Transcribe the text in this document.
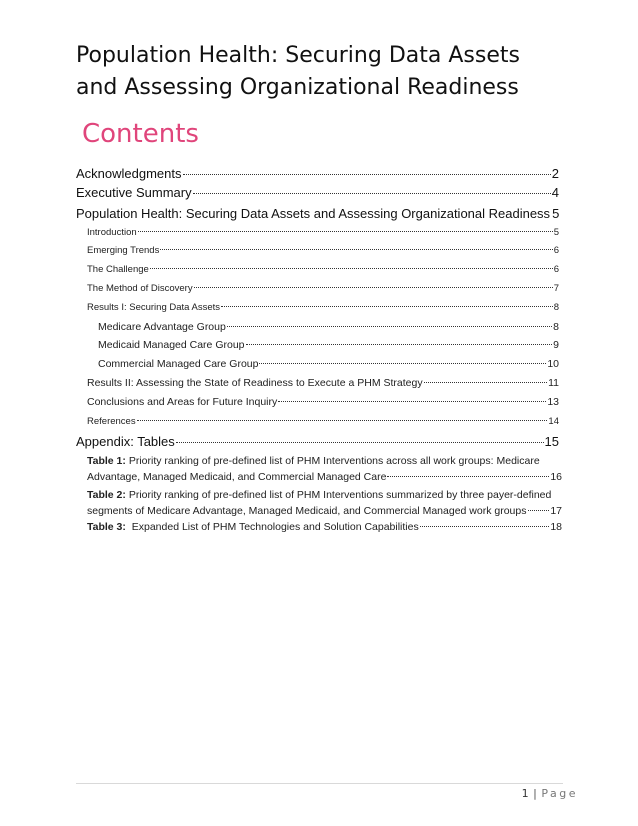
Population Health: Securing Data Assets
and Assessing Organizational Readiness
Contents
Acknowledgments	2
Executive Summary	4
Population Health: Securing Data Assets and Assessing Organizational Readiness 5
Introduction	5
Emerging Trends	6
The Challenge	6
The Method of Discovery	7
Results I: Securing Data Assets	8
Medicare Advantage Group	8
Medicaid Managed Care Group	9
Commercial Managed Care Group	10
Results II: Assessing the State of Readiness to Execute a PHM Strategy	11
Conclusions and Areas for Future Inquiry	13
References	14
Appendix: Tables	15
Table 1: Priority ranking of pre-defined list of PHM Interventions across all work groups: Medicare
Advantage, Managed Medicaid, and Commercial Managed Care	16
Table 2: Priority ranking of pre-defined list of PHM Interventions summarized by three payer-defined
segments of Medicare Advantage, Managed Medicaid, and Commercial Managed work groups 17
Table 3: Expanded List of PHM Technologies and Solution Capabilities	18
1 | Page
